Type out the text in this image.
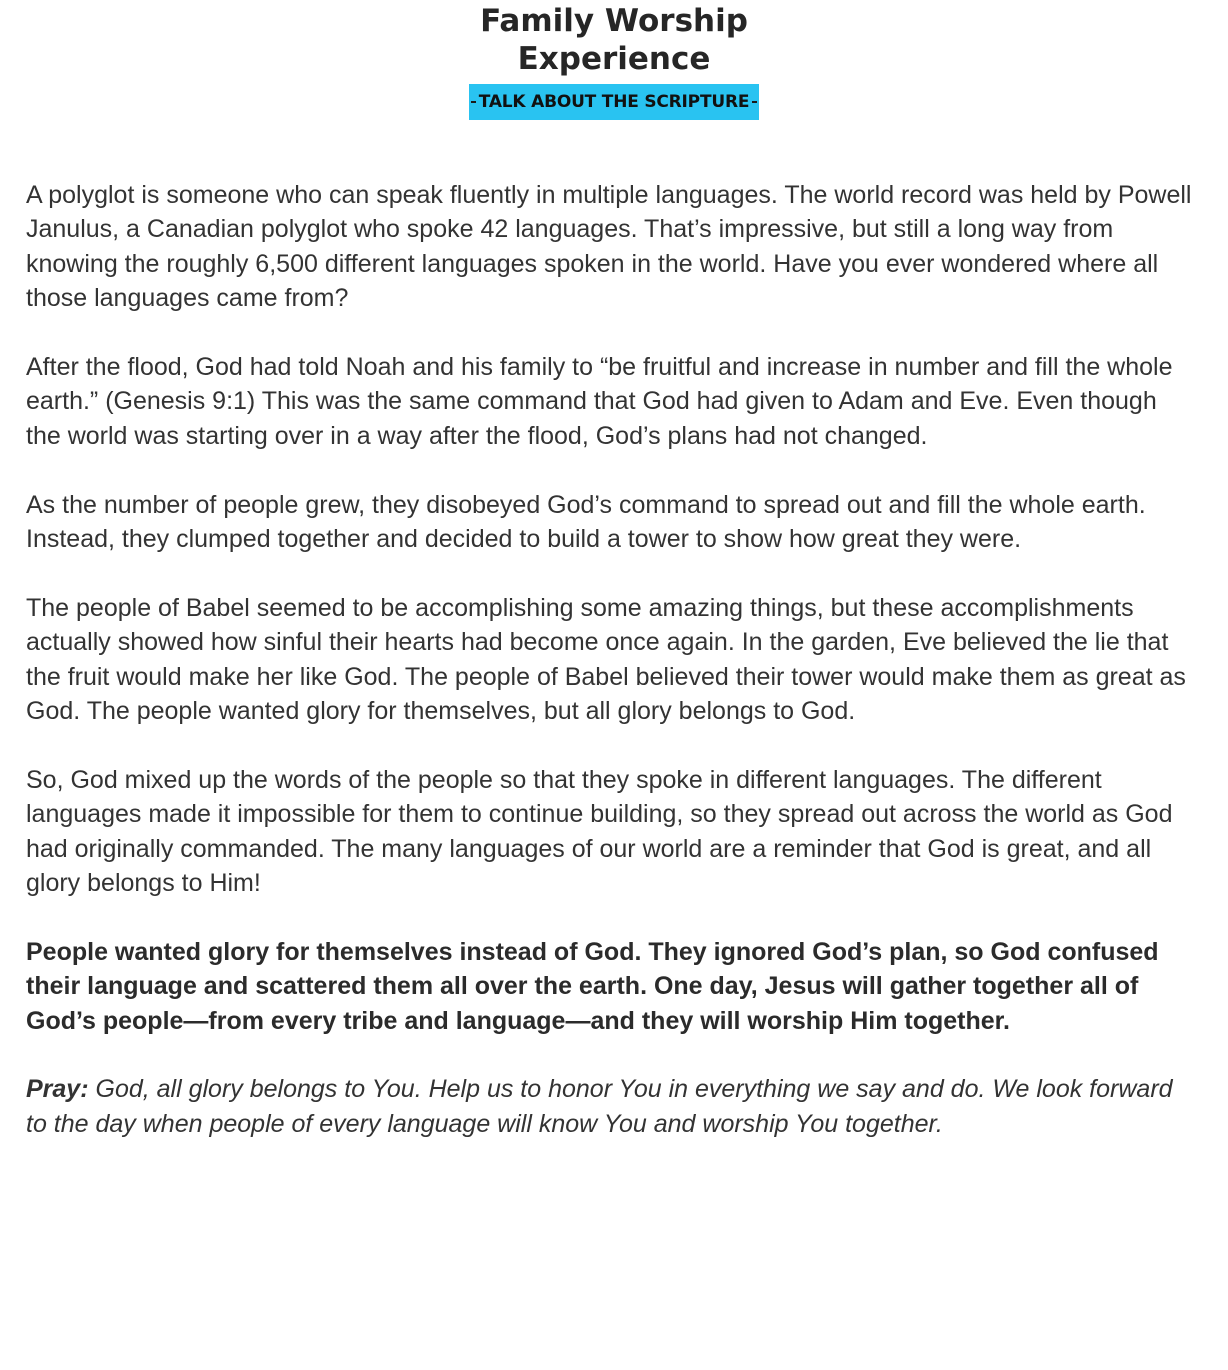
Family Worship
Experience
TALK ABOUT THE SCRIPTURE

A polyglot is someone who can speak fluently in multiple languages. The world record was held by Powell Janulus, a Canadian polyglot who spoke 42 languages. That’s impressive, but still a long way from knowing the roughly 6,500 different languages spoken in the world. Have you ever wondered where all those languages came from?

After the flood, God had told Noah and his family to “be fruitful and increase in number and fill the whole earth.” (Genesis 9:1) This was the same command that God had given to Adam and Eve. Even though the world was starting over in a way after the flood, God’s plans had not changed.

As the number of people grew, they disobeyed God’s command to spread out and fill the whole earth. Instead, they clumped together and decided to build a tower to show how great they were.

The people of Babel seemed to be accomplishing some amazing things, but these accomplishments actually showed how sinful their hearts had become once again. In the garden, Eve believed the lie that the fruit would make her like God. The people of Babel believed their tower would make them as great as God. The people wanted glory for themselves, but all glory belongs to God.

So, God mixed up the words of the people so that they spoke in different languages. The different languages made it impossible for them to continue building, so they spread out across the world as God had originally commanded. The many languages of our world are a reminder that God is great, and all glory belongs to Him!

People wanted glory for themselves instead of God. They ignored God’s plan, so God confused their language and scattered them all over the earth. One day, Jesus will gather together all of God’s people—from every tribe and language—and they will worship Him together.

Pray: God, all glory belongs to You. Help us to honor You in everything we say and do. We look forward to the day when people of every language will know You and worship You together.
